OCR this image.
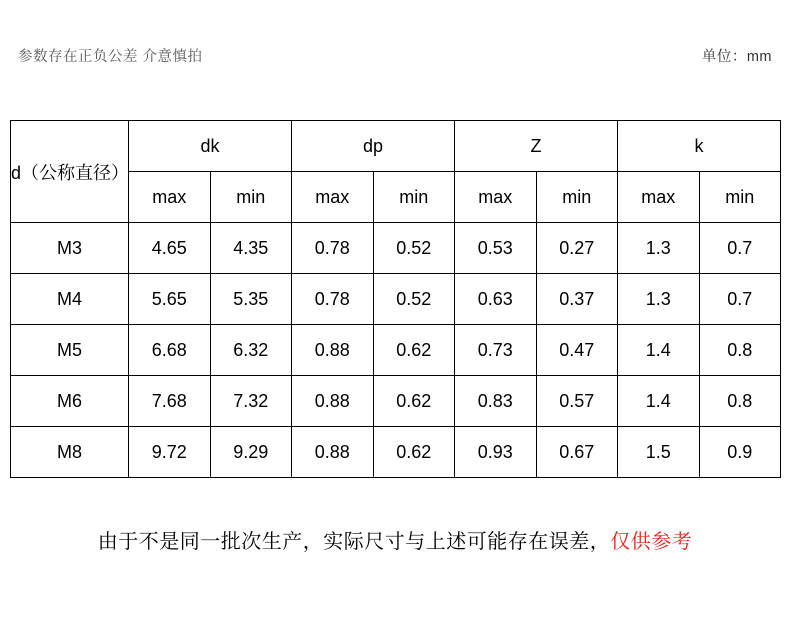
参数存在正负公差 介意慎拍	单位：mm
d（公称直径）	dk		dp		Z		k	
	max	min	max	min	max	min	max	min
M3	4.65	4.35	0.78	0.52	0.53	0.27	1.3	0.7
M4	5.65	5.35	0.78	0.52	0.63	0.37	1.3	0.7
M5	6.68	6.32	0.88	0.62	0.73	0.47	1.4	0.8
M6	7.68	7.32	0.88	0.62	0.83	0.57	1.4	0.8
M8	9.72	9.29	0.88	0.62	0.93	0.67	1.5	0.9
由于不是同一批次生产，实际尺寸与上述可能存在误差，仅供参考
